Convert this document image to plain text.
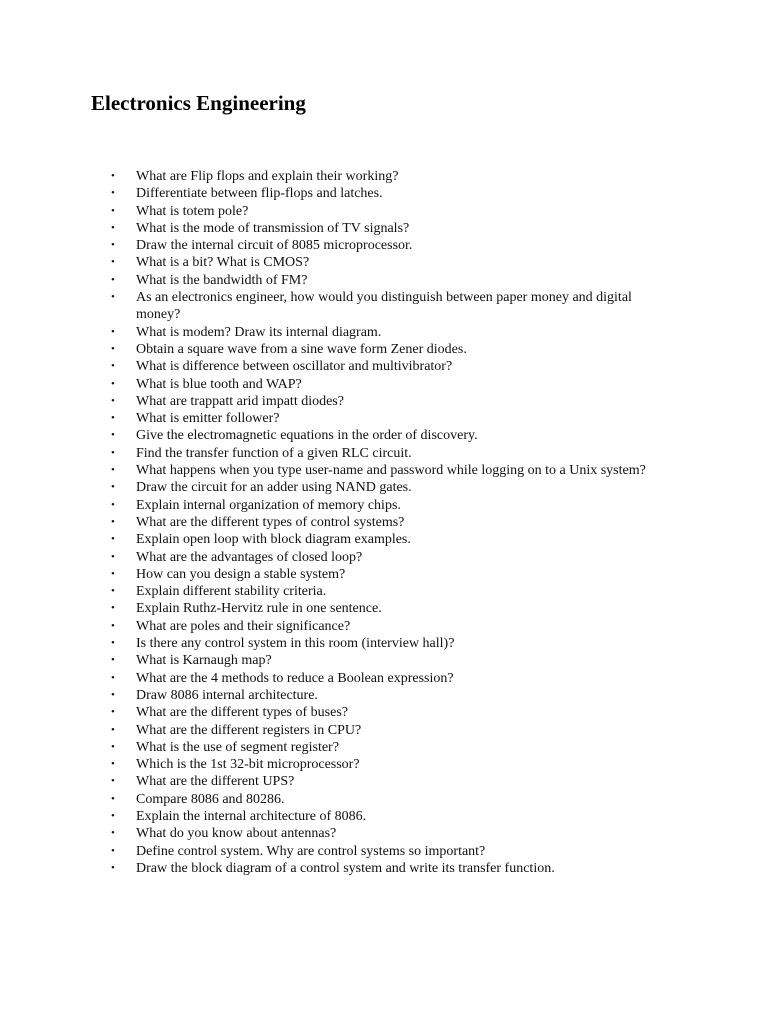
Electronics Engineering
• What are Flip flops and explain their working?
• Differentiate between flip-flops and latches.
• What is totem pole?
• What is the mode of transmission of TV signals?
• Draw the internal circuit of 8085 microprocessor.
• What is a bit? What is CMOS?
• What is the bandwidth of FM?
• As an electronics engineer, how would you distinguish between paper money and digital money?
• What is modem? Draw its internal diagram.
• Obtain a square wave from a sine wave form Zener diodes.
• What is difference between oscillator and multivibrator?
• What is blue tooth and WAP?
• What are trappatt arid impatt diodes?
• What is emitter follower?
• Give the electromagnetic equations in the order of discovery.
• Find the transfer function of a given RLC circuit.
• What happens when you type user-name and password while logging on to a Unix system?
• Draw the circuit for an adder using NAND gates.
• Explain internal organization of memory chips.
• What are the different types of control systems?
• Explain open loop with block diagram examples.
• What are the advantages of closed loop?
• How can you design a stable system?
• Explain different stability criteria.
• Explain Ruthz-Hervitz rule in one sentence.
• What are poles and their significance?
• Is there any control system in this room (interview hall)?
• What is Karnaugh map?
• What are the 4 methods to reduce a Boolean expression?
• Draw 8086 internal architecture.
• What are the different types of buses?
• What are the different registers in CPU?
• What is the use of segment register?
• Which is the 1st 32-bit microprocessor?
• What are the different UPS?
• Compare 8086 and 80286.
• Explain the internal architecture of 8086.
• What do you know about antennas?
• Define control system. Why are control systems so important?
• Draw the block diagram of a control system and write its transfer function.
